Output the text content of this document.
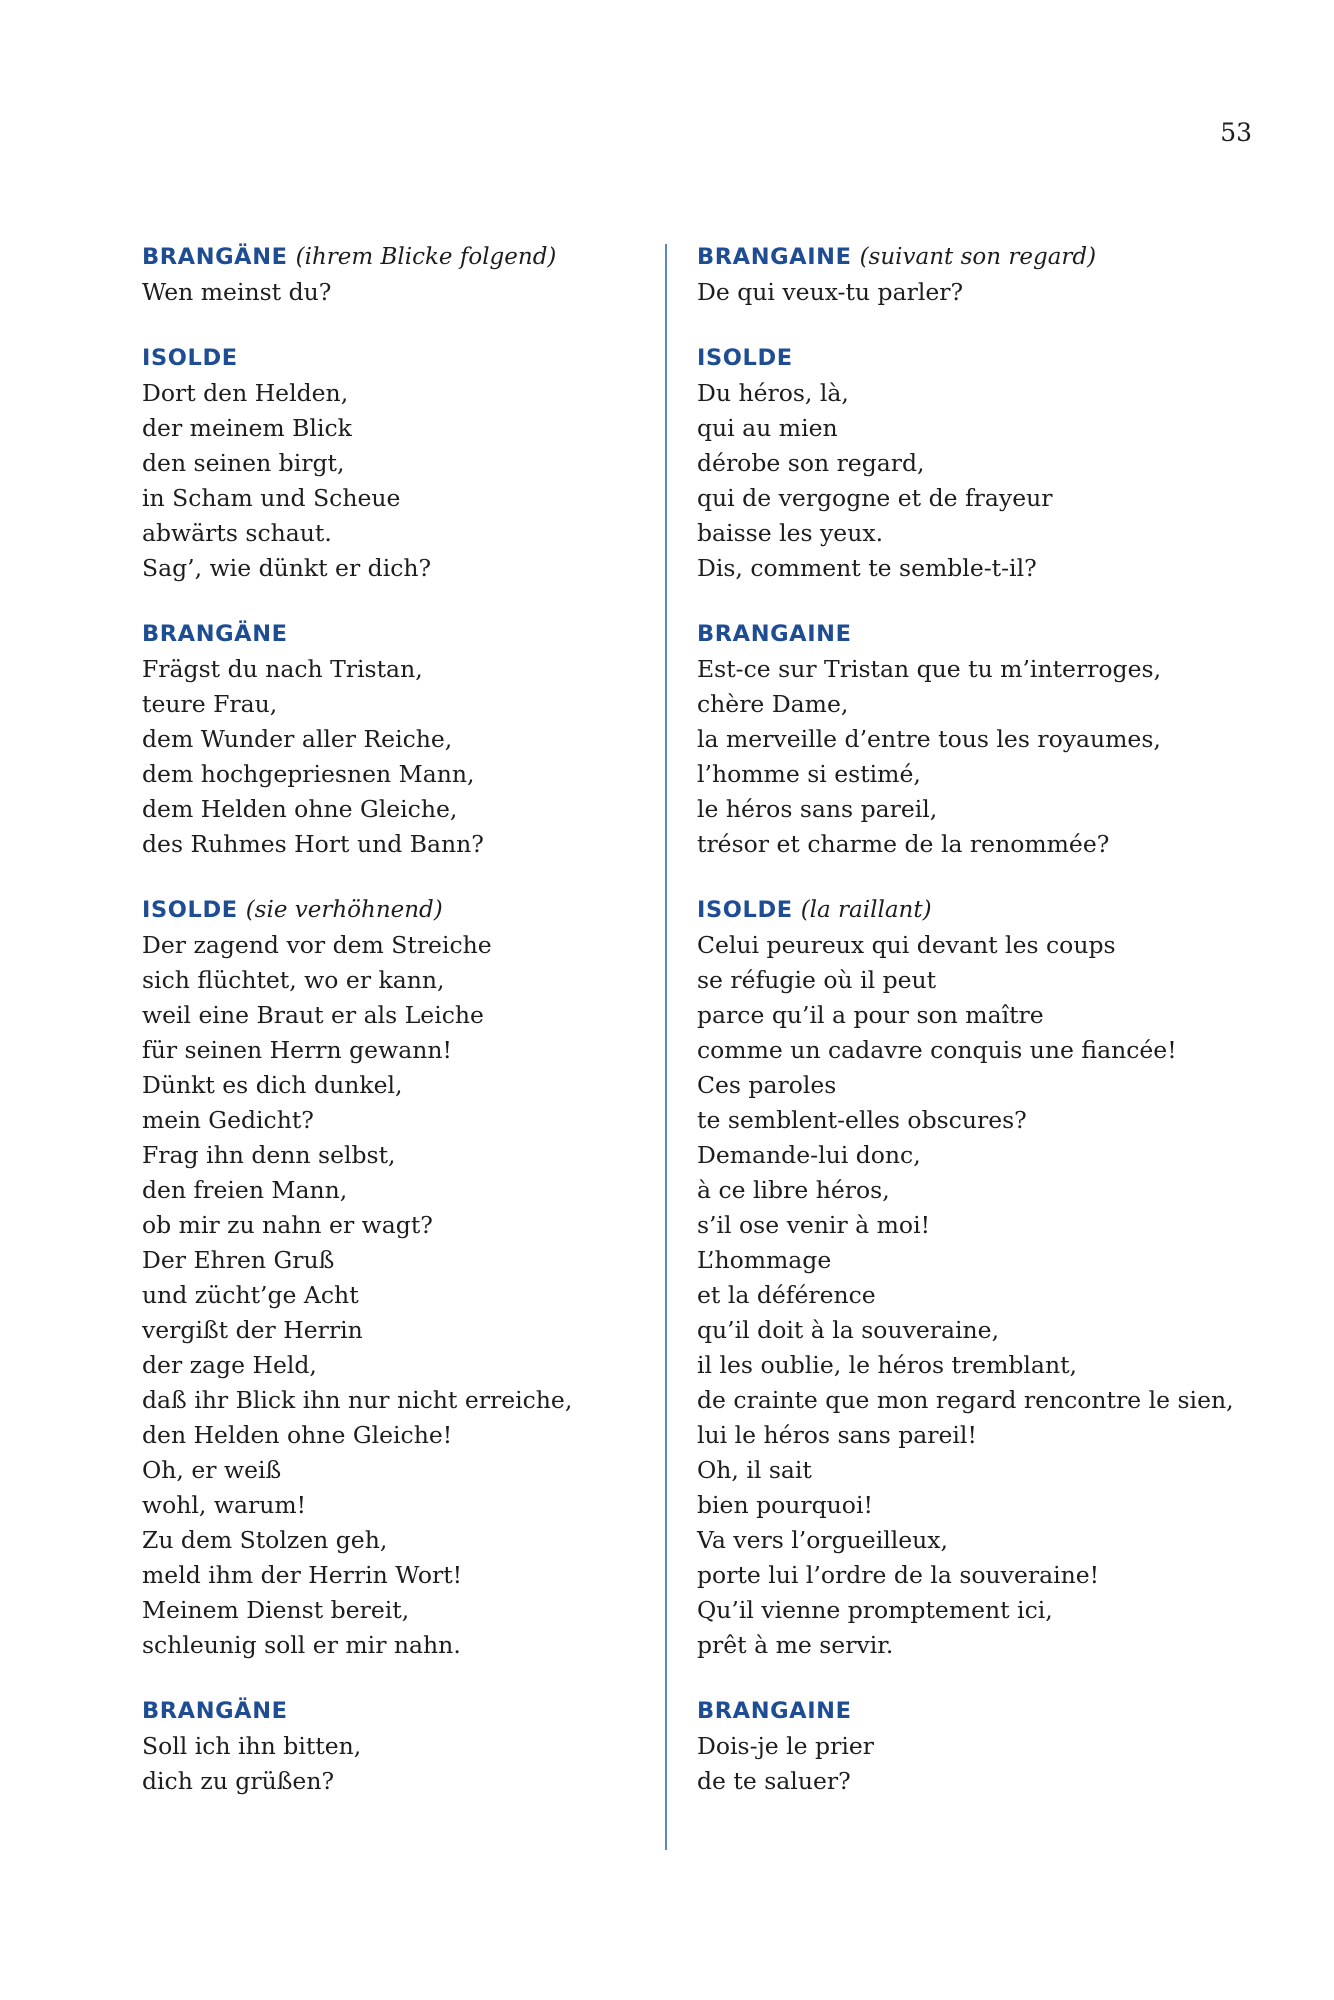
53
BRANGÄNE (ihrem Blicke folgend)
Wen meinst du?
ISOLDE
Dort den Helden,
der meinem Blick
den seinen birgt,
in Scham und Scheue
abwärts schaut.
Sag’, wie dünkt er dich?
BRANGÄNE
Frägst du nach Tristan,
teure Frau,
dem Wunder aller Reiche,
dem hochgepriesnen Mann,
dem Helden ohne Gleiche,
des Ruhmes Hort und Bann?
ISOLDE (sie verhöhnend)
Der zagend vor dem Streiche
sich flüchtet, wo er kann,
weil eine Braut er als Leiche
für seinen Herrn gewann!
Dünkt es dich dunkel,
mein Gedicht?
Frag ihn denn selbst,
den freien Mann,
ob mir zu nahn er wagt?
Der Ehren Gruß
und zücht’ge Acht
vergißt der Herrin
der zage Held,
daß ihr Blick ihn nur nicht erreiche,
den Helden ohne Gleiche!
Oh, er weiß
wohl, warum!
Zu dem Stolzen geh,
meld ihm der Herrin Wort!
Meinem Dienst bereit,
schleunig soll er mir nahn.
BRANGÄNE
Soll ich ihn bitten,
dich zu grüßen?
BRANGAINE (suivant son regard)
De qui veux-tu parler?
ISOLDE
Du héros, là,
qui au mien
dérobe son regard,
qui de vergogne et de frayeur
baisse les yeux.
Dis, comment te semble-t-il?
BRANGAINE
Est-ce sur Tristan que tu m’interroges,
chère Dame,
la merveille d’entre tous les royaumes,
l’homme si estimé,
le héros sans pareil,
trésor et charme de la renommée?
ISOLDE (la raillant)
Celui peureux qui devant les coups
se réfugie où il peut
parce qu’il a pour son maître
comme un cadavre conquis une fiancée!
Ces paroles
te semblent-elles obscures?
Demande-lui donc,
à ce libre héros,
s’il ose venir à moi!
L’hommage
et la déférence
qu’il doit à la souveraine,
il les oublie, le héros tremblant,
de crainte que mon regard rencontre le sien,
lui le héros sans pareil!
Oh, il sait
bien pourquoi!
Va vers l’orgueilleux,
porte lui l’ordre de la souveraine!
Qu’il vienne promptement ici,
prêt à me servir.
BRANGAINE
Dois-je le prier
de te saluer?
